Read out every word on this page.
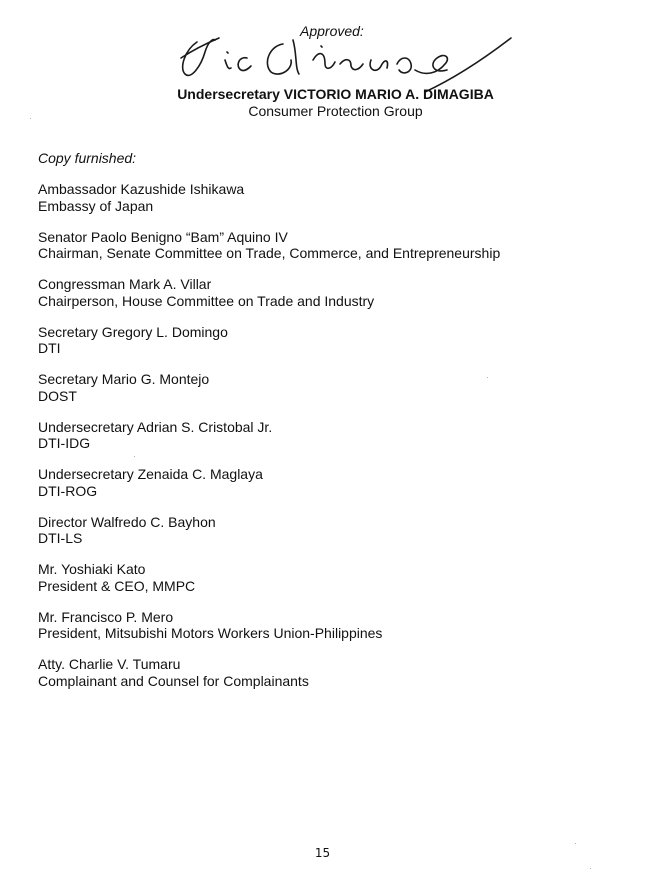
Approved:
Undersecretary VICTORIO MARIO A. DIMAGIBA
Consumer Protection Group
Copy furnished:
Ambassador Kazushide Ishikawa
Embassy of Japan
Senator Paolo Benigno “Bam” Aquino IV
Chairman, Senate Committee on Trade, Commerce, and Entrepreneurship
Congressman Mark A. Villar
Chairperson, House Committee on Trade and Industry
Secretary Gregory L. Domingo
DTI
Secretary Mario G. Montejo
DOST
Undersecretary Adrian S. Cristobal Jr.
DTI-IDG
Undersecretary Zenaida C. Maglaya
DTI-ROG
Director Walfredo C. Bayhon
DTI-LS
Mr. Yoshiaki Kato
President & CEO, MMPC
Mr. Francisco P. Mero
President, Mitsubishi Motors Workers Union-Philippines
Atty. Charlie V. Tumaru
Complainant and Counsel for Complainants
15
